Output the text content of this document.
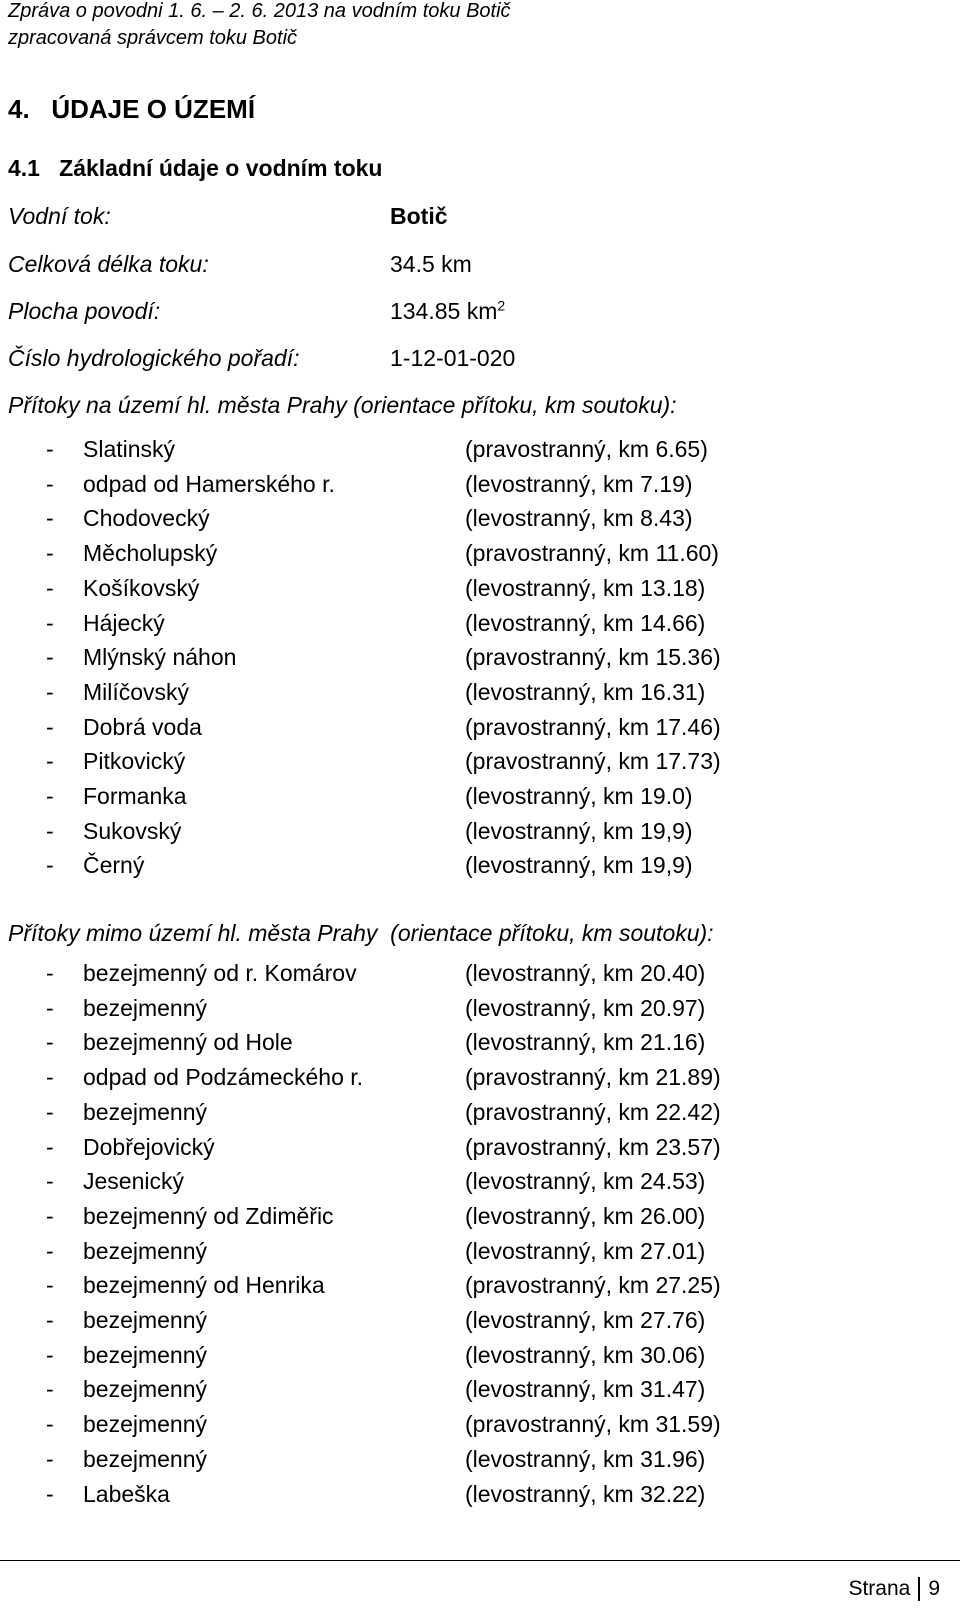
Zpráva o povodni 1. 6. – 2. 6. 2013 na vodním toku Botič
zpracovaná správcem toku Botič
4.   ÚDAJE O ÚZEMÍ
4.1   Základní údaje o vodním toku
Vodní tok:	Botič
Celková délka toku:	34.5 km
Plocha povodí:	134.85 $km^2$
Číslo hydrologického pořadí:	1-12-01-020
Přítoky na území hl. města Prahy (orientace přítoku, km soutoku):
- Slatinský	(pravostranný, km 6.65)
- odpad od Hamerského r.	(levostranný, km 7.19)
- Chodovecký	(levostranný, km 8.43)
- Měcholupský	(pravostranný, km 11.60)
- Košíkovský	(levostranný, km 13.18)
- Hájecký	(levostranný, km 14.66)
- Mlýnský náhon	(pravostranný, km 15.36)
- Milíčovský	(levostranný, km 16.31)
- Dobrá voda	(pravostranný, km 17.46)
- Pitkovický	(pravostranný, km 17.73)
- Formanka	(levostranný, km 19.0)
- Sukovský	(levostranný, km 19,9)
- Černý	(levostranný, km 19,9)
Přítoky mimo území hl. města Prahy  (orientace přítoku, km soutoku):
- bezejmenný od r. Komárov	(levostranný, km 20.40)
- bezejmenný	(levostranný, km 20.97)
- bezejmenný od Hole	(levostranný, km 21.16)
- odpad od Podzámeckého r.	(pravostranný, km 21.89)
- bezejmenný	(pravostranný, km 22.42)
- Dobřejovický	(pravostranný, km 23.57)
- Jesenický	(levostranný, km 24.53)
- bezejmenný od Zdiměřic	(levostranný, km 26.00)
- bezejmenný	(levostranný, km 27.01)
- bezejmenný od Henrika	(pravostranný, km 27.25)
- bezejmenný	(levostranný, km 27.76)
- bezejmenný	(levostranný, km 30.06)
- bezejmenný	(levostranný, km 31.47)
- bezejmenný	(pravostranný, km 31.59)
- bezejmenný	(levostranný, km 31.96)
- Labeška	(levostranný, km 32.22)
Strana 9
